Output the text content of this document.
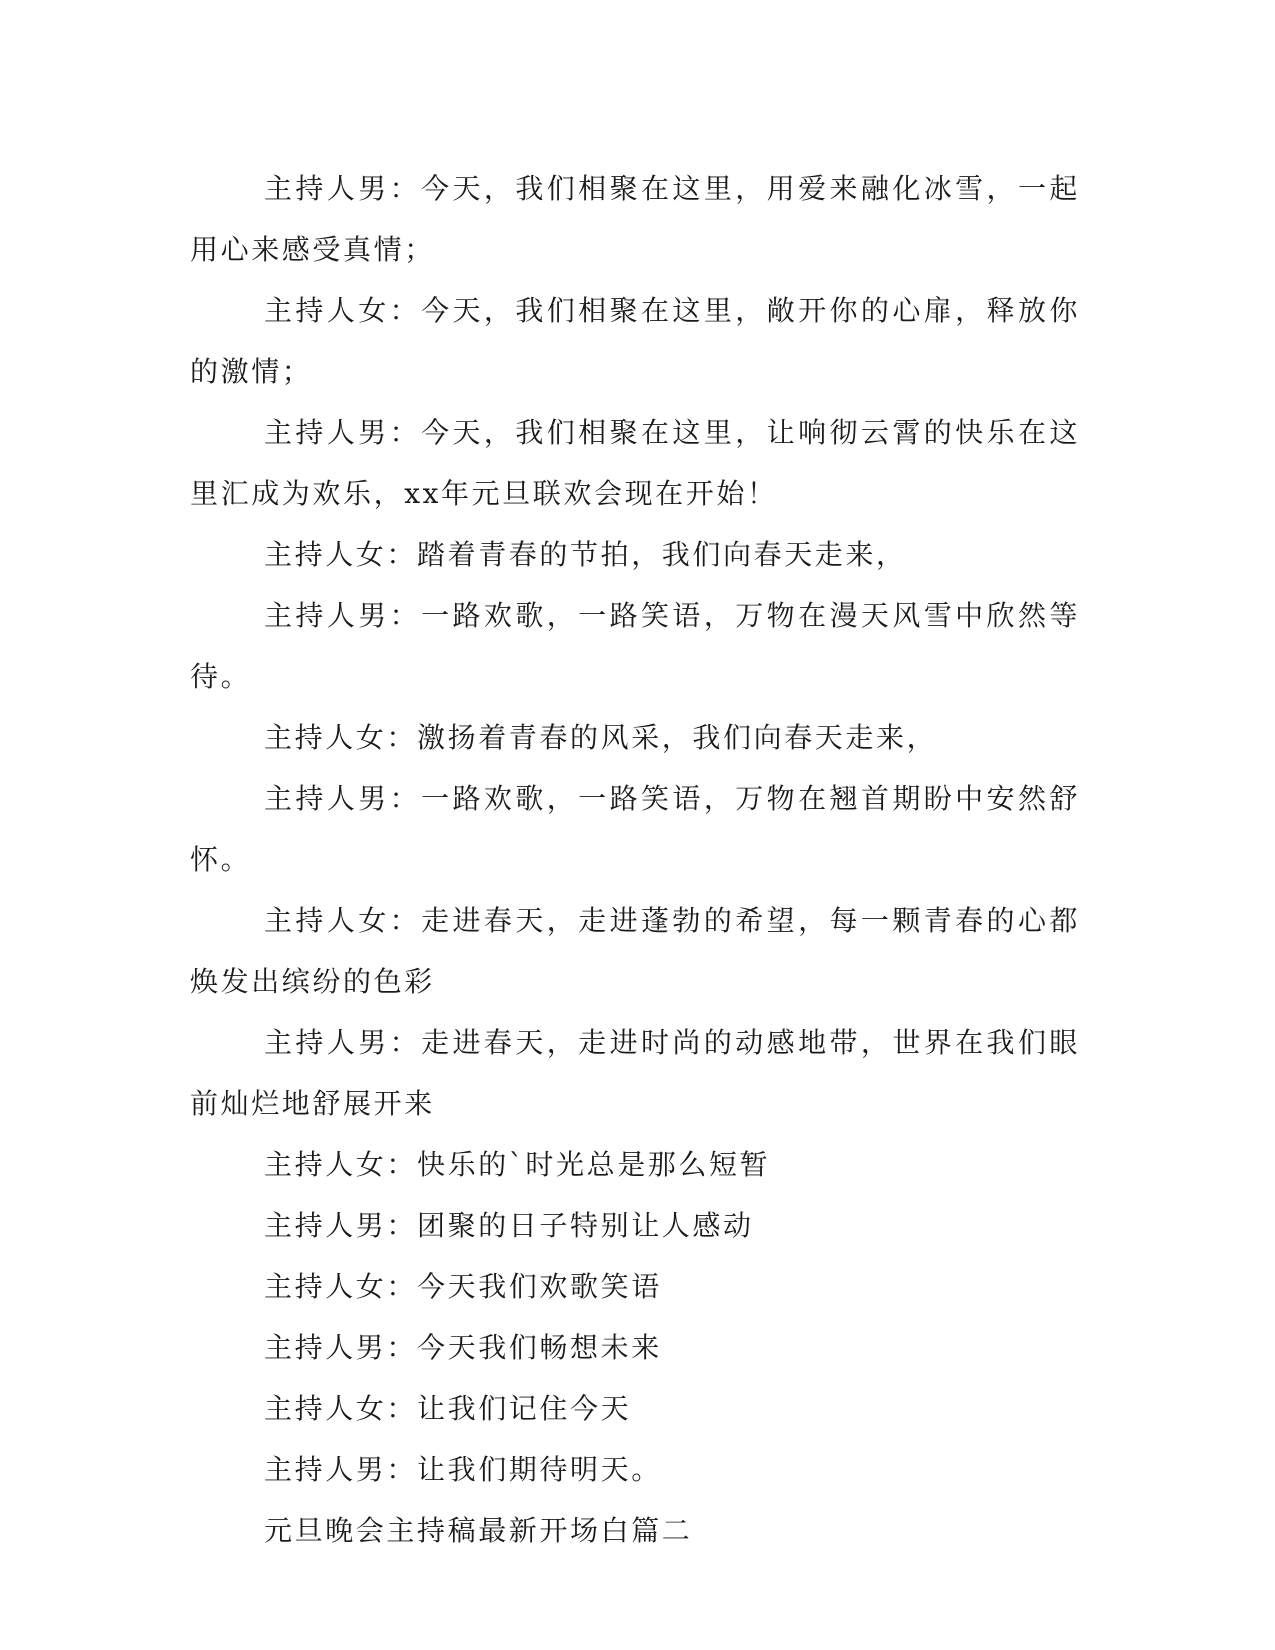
主持人男：今天，我们相聚在这里，用爱来融化冰雪，一起用心来感受真情；

主持人女：今天，我们相聚在这里，敞开你的心扉，释放你的激情；

主持人男：今天，我们相聚在这里，让响彻云霄的快乐在这里汇成为欢乐，xx年元旦联欢会现在开始！

主持人女：踏着青春的节拍，我们向春天走来，

主持人男：一路欢歌，一路笑语，万物在漫天风雪中欣然等待。

主持人女：激扬着青春的风采，我们向春天走来，

主持人男：一路欢歌，一路笑语，万物在翘首期盼中安然舒怀。

主持人女：走进春天，走进蓬勃的希望，每一颗青春的心都焕发出缤纷的色彩

主持人男：走进春天，走进时尚的动感地带，世界在我们眼前灿烂地舒展开来

主持人女：快乐的`时光总是那么短暂

主持人男：团聚的日子特别让人感动

主持人女：今天我们欢歌笑语

主持人男：今天我们畅想未来

主持人女：让我们记住今天

主持人男：让我们期待明天。

元旦晚会主持稿最新开场白篇二
